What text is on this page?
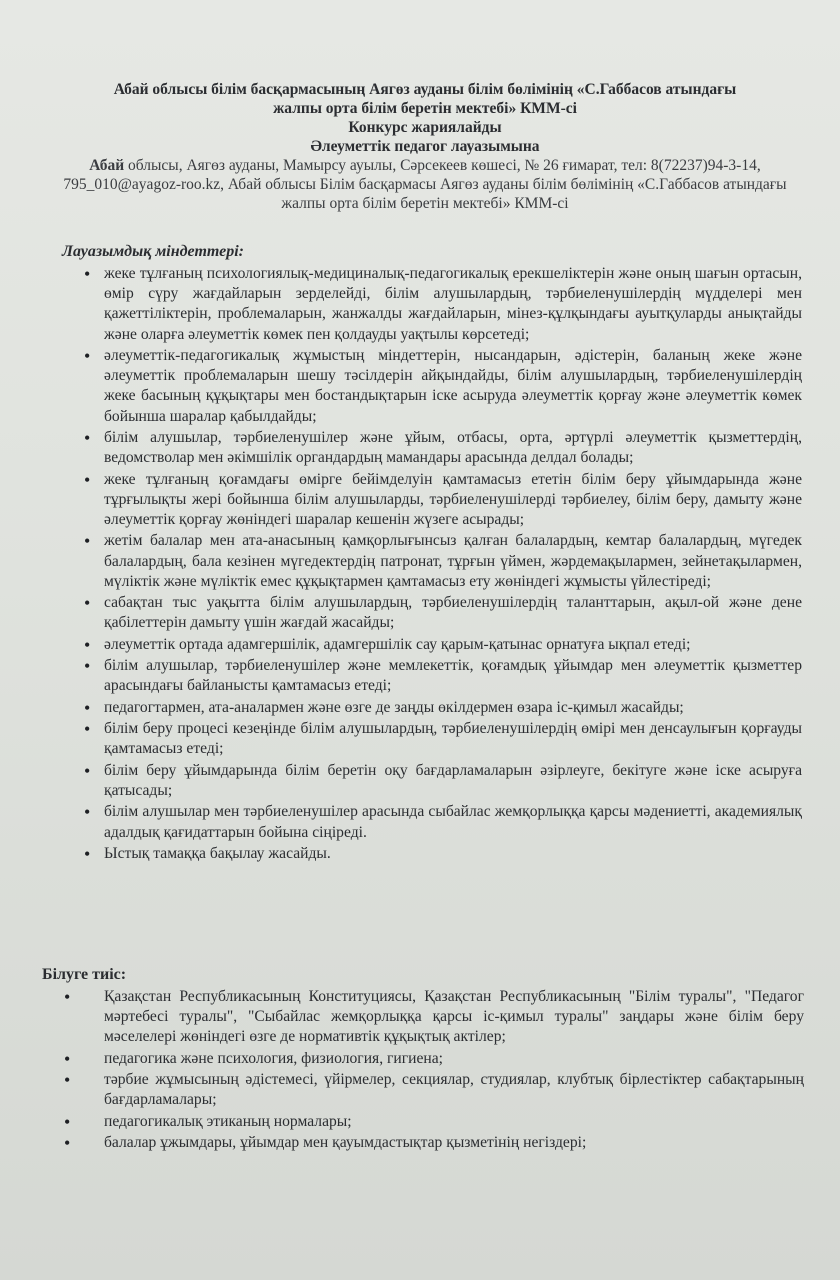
Абай облысы білім басқармасының Аягөз ауданы білім бөлімінің «С.Габбасов атындағы
жалпы орта білім беретін мектебі» КММ-сі
Конкурс жариялайды
Әлеуметтік педагог лауазымына
Абай облысы, Аягөз ауданы, Мамырсу ауылы, Сәрсекеев көшесі, № 26 ғимарат, тел: 8(72237)94-3-14, 795_010@ayagoz-roo.kz, Абай облысы Білім басқармасы Аягөз ауданы білім бөлімінің «С.Габбасов атындағы жалпы орта білім беретін мектебі» КММ-сі

Лауазымдық міндеттері:

• жеке тұлғаның психологиялық-медициналық-педагогикалық ерекшеліктерін және оның шағын ортасын, өмір сүру жағдайларын зерделейді, білім алушылардың, тәрбиеленушілердің мүдделері мен қажеттіліктерін, проблемаларын, жанжалды жағдайларын, мінез-құлқындағы ауытқуларды анықтайды және оларға әлеуметтік көмек пен қолдауды уақтылы көрсетеді;
• әлеуметтік-педагогикалық жұмыстың міндеттерін, нысандарын, әдістерін, баланың жеке және әлеуметтік проблемаларын шешу тәсілдерін айқындайды, білім алушылардың, тәрбиеленушілердің жеке басының құқықтары мен бостандықтарын іске асыруда әлеуметтік қорғау және әлеуметтік көмек бойынша шаралар қабылдайды;
• білім алушылар, тәрбиеленушілер және ұйым, отбасы, орта, әртүрлі әлеуметтік қызметтердің, ведомстволар мен әкімшілік органдардың мамандары арасында делдал болады;
• жеке тұлғаның қоғамдағы өмірге бейімделуін қамтамасыз ететін білім беру ұйымдарында және тұрғылықты жері бойынша білім алушыларды, тәрбиеленушілерді тәрбиелеу, білім беру, дамыту және әлеуметтік қорғау жөніндегі шаралар кешенін жүзеге асырады;
• жетім балалар мен ата-анасының қамқорлығынсыз қалған балалардың, кемтар балалардың, мүгедек балалардың, бала кезінен мүгедектердің патронат, тұрғын үймен, жәрдемақылармен, зейнетақылармен, мүліктік және мүліктік емес құқықтармен қамтамасыз ету жөніндегі жұмысты үйлестіреді;
• сабақтан тыс уақытта білім алушылардың, тәрбиеленушілердің таланттарын, ақыл-ой және дене қабілеттерін дамыту үшін жағдай жасайды;
• әлеуметтік ортада адамгершілік, адамгершілік сау қарым-қатынас орнатуға ықпал етеді;
• білім алушылар, тәрбиеленушілер және мемлекеттік, қоғамдық ұйымдар мен әлеуметтік қызметтер арасындағы байланысты қамтамасыз етеді;
• педагогтармен, ата-аналармен және өзге де заңды өкілдермен өзара іс-қимыл жасайды;
• білім беру процесі кезеңінде білім алушылардың, тәрбиеленушілердің өмірі мен денсаулығын қорғауды қамтамасыз етеді;
• білім беру ұйымдарында білім беретін оқу бағдарламаларын әзірлеуге, бекітуге және іске асыруға қатысады;
• білім алушылар мен тәрбиеленушілер арасында сыбайлас жемқорлыққа қарсы мәдениетті, академиялық адалдық қағидаттарын бойына сіңіреді.
• Ыстық тамаққа бақылау жасайды.

Білуге тиіс:

• Қазақстан Республикасының Конституциясы, Қазақстан Республикасының "Білім туралы", "Педагог мәртебесі туралы", "Сыбайлас жемқорлыққа қарсы іс-қимыл туралы" заңдары және білім беру мәселелері жөніндегі өзге де нормативтік құқықтық актілер;
• педагогика және психология, физиология, гигиена;
• тәрбие жұмысының әдістемесі, үйірмелер, секциялар, студиялар, клубтық бірлестіктер сабақтарының бағдарламалары;
• педагогикалық этиканың нормалары;
• балалар ұжымдары, ұйымдар мен қауымдастықтар қызметінің негіздері;
